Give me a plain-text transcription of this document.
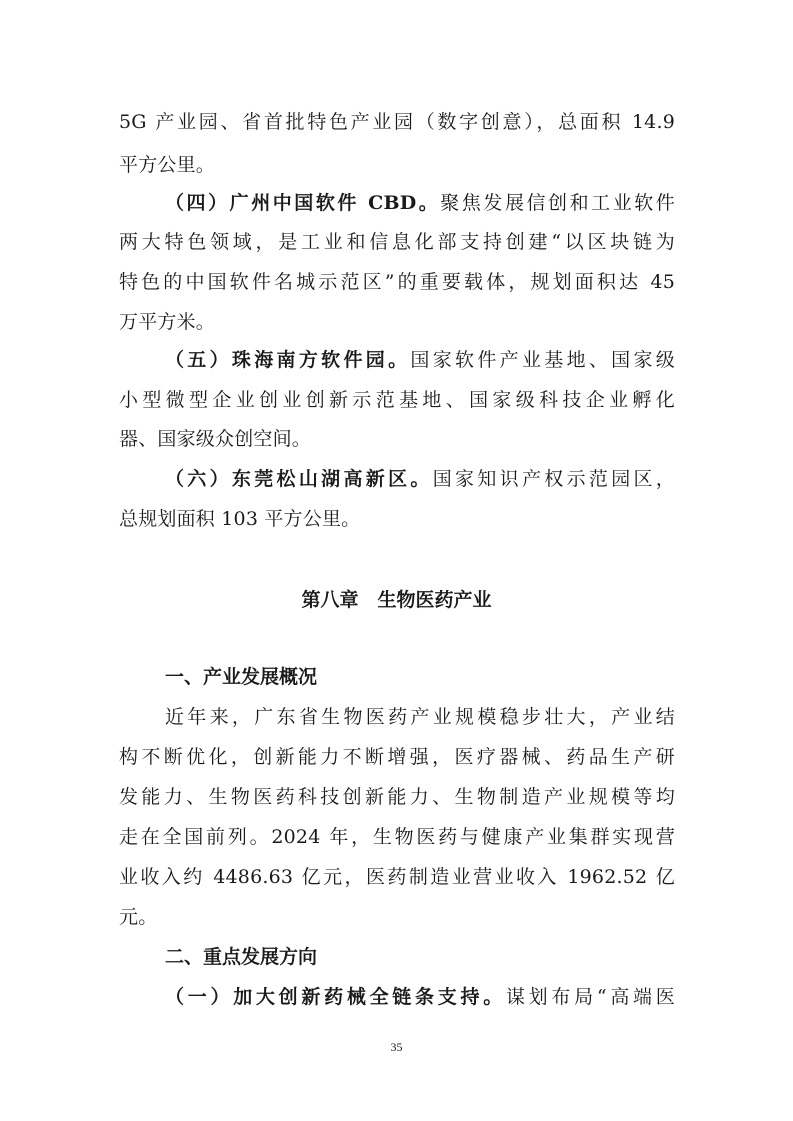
5G 产业园、省首批特色产业园（数字创意），总面积 14.9
平方公里。
（四）广州中国软件 CBD。聚焦发展信创和工业软件
两大特色领域，是工业和信息化部支持创建“以区块链为
特色的中国软件名城示范区”的重要载体，规划面积达 45
万平方米。
（五）珠海南方软件园。国家软件产业基地、国家级
小型微型企业创业创新示范基地、国家级科技企业孵化
器、国家级众创空间。
（六）东莞松山湖高新区。国家知识产权示范园区，
总规划面积 103 平方公里。
第八章　生物医药产业
一、产业发展概况
近年来，广东省生物医药产业规模稳步壮大，产业结
构不断优化，创新能力不断增强，医疗器械、药品生产研
发能力、生物医药科技创新能力、生物制造产业规模等均
走在全国前列。2024 年，生物医药与健康产业集群实现营
业收入约 4486.63 亿元，医药制造业营业收入 1962.52 亿
元。
二、重点发展方向
（一）加大创新药械全链条支持。谋划布局“高端医
35
